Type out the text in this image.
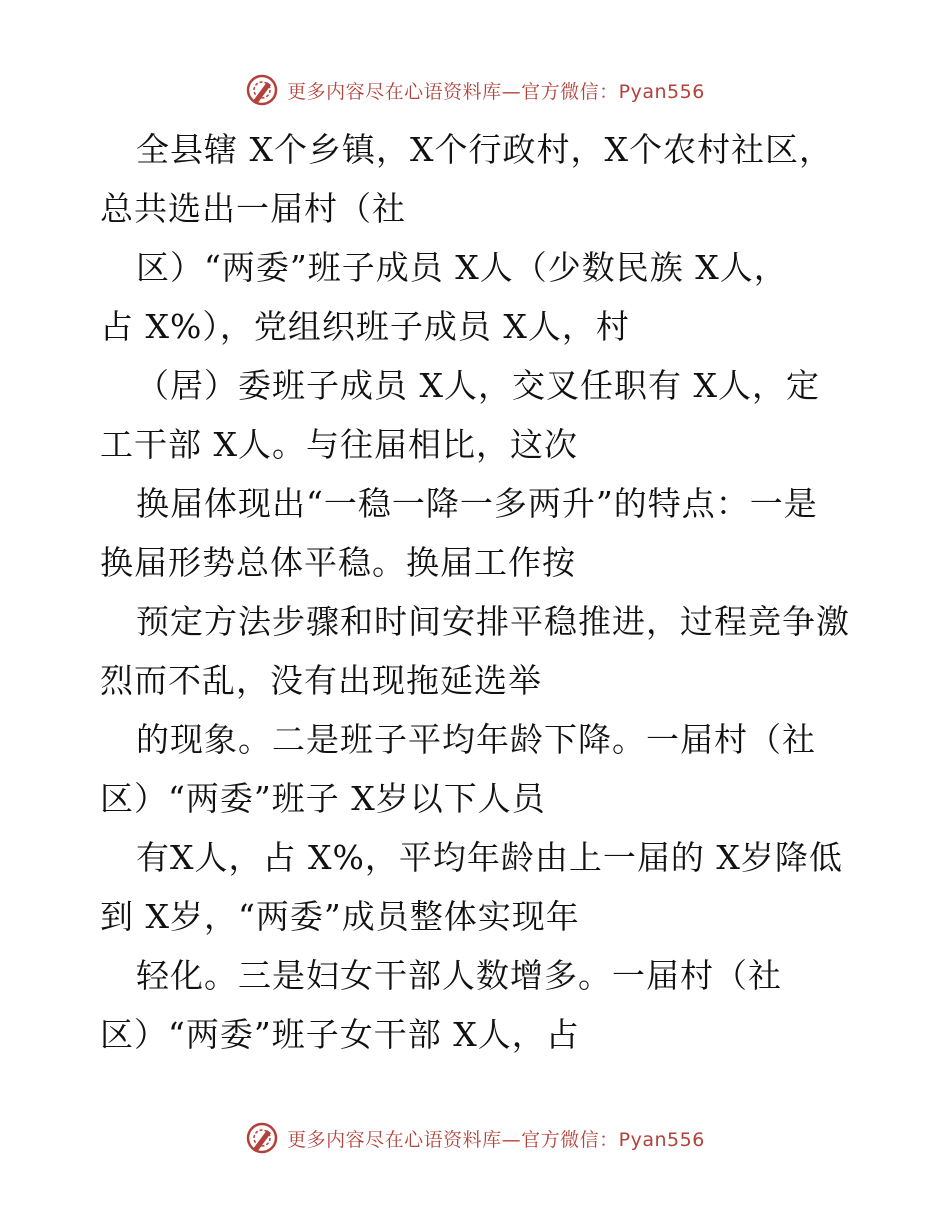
更多内容尽在心语资料库—官方微信：Pyan556
全县辖 X个乡镇，X个行政村，X个农村社区，
总共选出一届村（社
区）“两委”班子成员 X人（少数民族 X人，
占 X%），党组织班子成员 X人，村
（居）委班子成员 X人，交叉任职有 X人，定
工干部 X人。与往届相比，这次
换届体现出“一稳一降一多两升”的特点：一是
换届形势总体平稳。换届工作按
预定方法步骤和时间安排平稳推进，过程竞争激
烈而不乱，没有出现拖延选举
的现象。二是班子平均年龄下降。一届村（社
区）“两委”班子 X岁以下人员
有X人，占 X%，平均年龄由上一届的 X岁降低
到 X岁，“两委”成员整体实现年
轻化。三是妇女干部人数增多。一届村（社
区）“两委”班子女干部 X人，占
更多内容尽在心语资料库—官方微信：Pyan556
